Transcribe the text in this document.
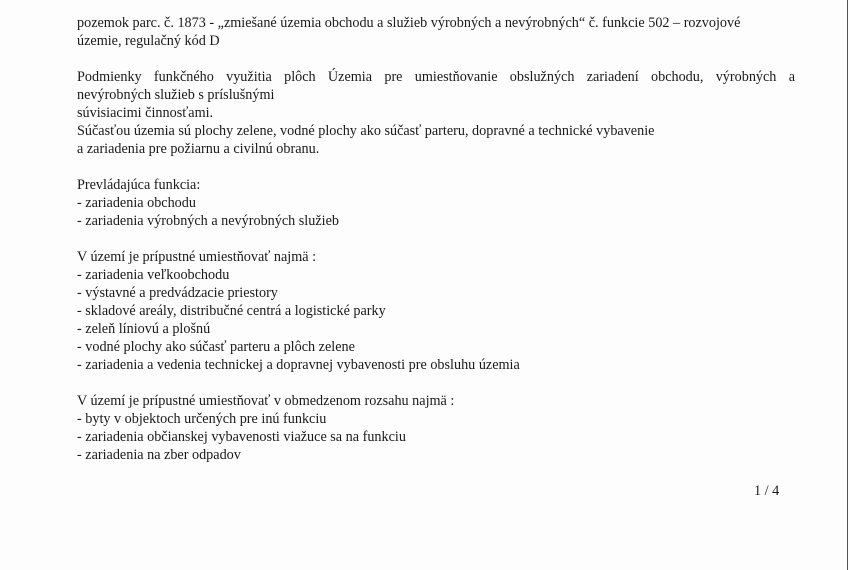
pozemok parc. č. 1873 - „zmiešané územia obchodu a služieb výrobných a nevýrobných“ č. funkcie 502 – rozvojové
územie, regulačný kód D
Podmienky funkčného využitia plôch Územia pre umiestňovanie obslužných zariadení obchodu, výrobných a
nevýrobných služieb s príslušnými
súvisiacimi činnosťami.
Súčasťou územia sú plochy zelene, vodné plochy ako súčasť parteru, dopravné a technické vybavenie
a zariadenia pre požiarnu a civilnú obranu.
Prevládajúca funkcia:
- zariadenia obchodu
- zariadenia výrobných a nevýrobných služieb
V území je prípustné umiestňovať najmä :
- zariadenia veľkoobchodu
- výstavné a predvádzacie priestory
- skladové areály, distribučné centrá a logistické parky
- zeleň líniovú a plošnú
- vodné plochy ako súčasť parteru a plôch zelene
- zariadenia a vedenia technickej a dopravnej vybavenosti pre obsluhu územia
V území je prípustné umiestňovať v obmedzenom rozsahu najmä :
- byty v objektoch určených pre inú funkciu
- zariadenia občianskej vybavenosti viažuce sa na funkciu
- zariadenia na zber odpadov
1 / 4
